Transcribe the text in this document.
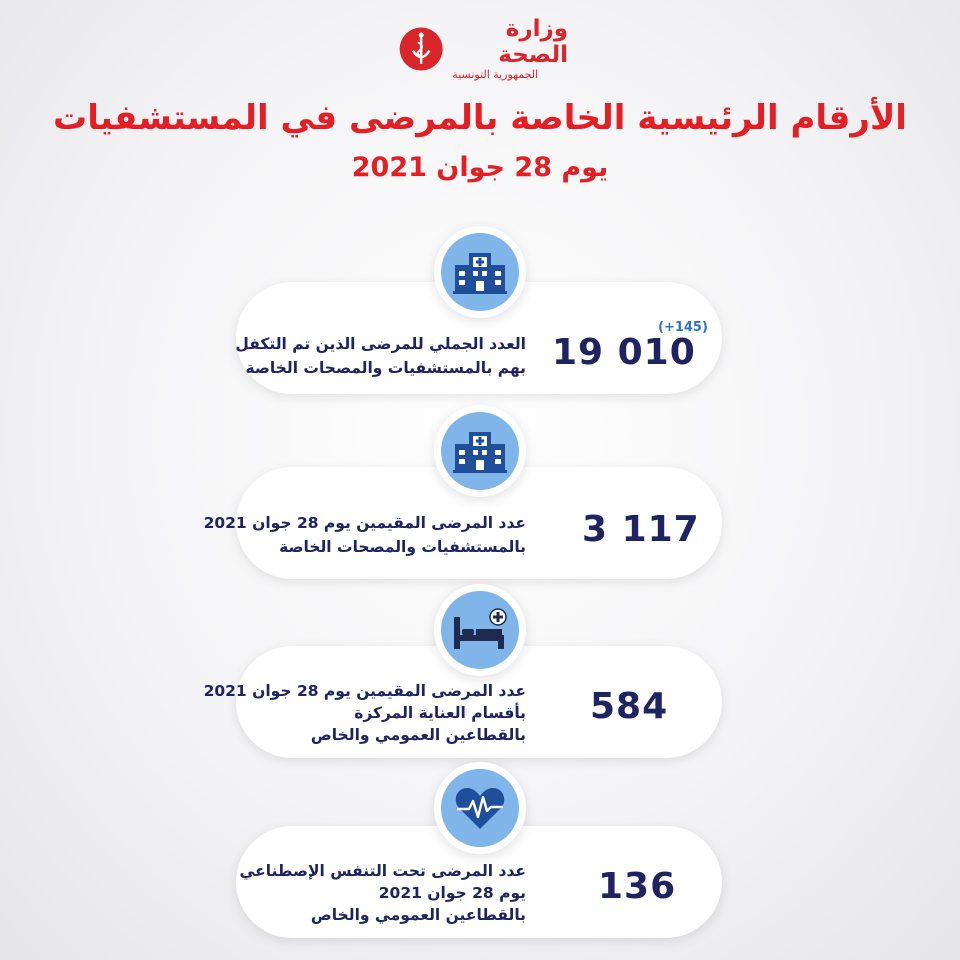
وزارة الصحة
الجمهورية التونسية
الأرقام الرئيسية الخاصة بالمرضى في المستشفيات
يوم 28 جوان 2021
(+145)
19 010
العدد الجملي للمرضى الذين تم التكفل
بهم بالمستشفيات والمصحات الخاصة
3 117
عدد المرضى المقيمين يوم 28 جوان 2021
بالمستشفيات والمصحات الخاصة
584
عدد المرضى المقيمين يوم 28 جوان 2021
بأقسام العناية المركزة
بالقطاعين العمومي والخاص
136
عدد المرضى تحت التنفس الإصطناعي
يوم 28 جوان 2021
بالقطاعين العمومي والخاص
